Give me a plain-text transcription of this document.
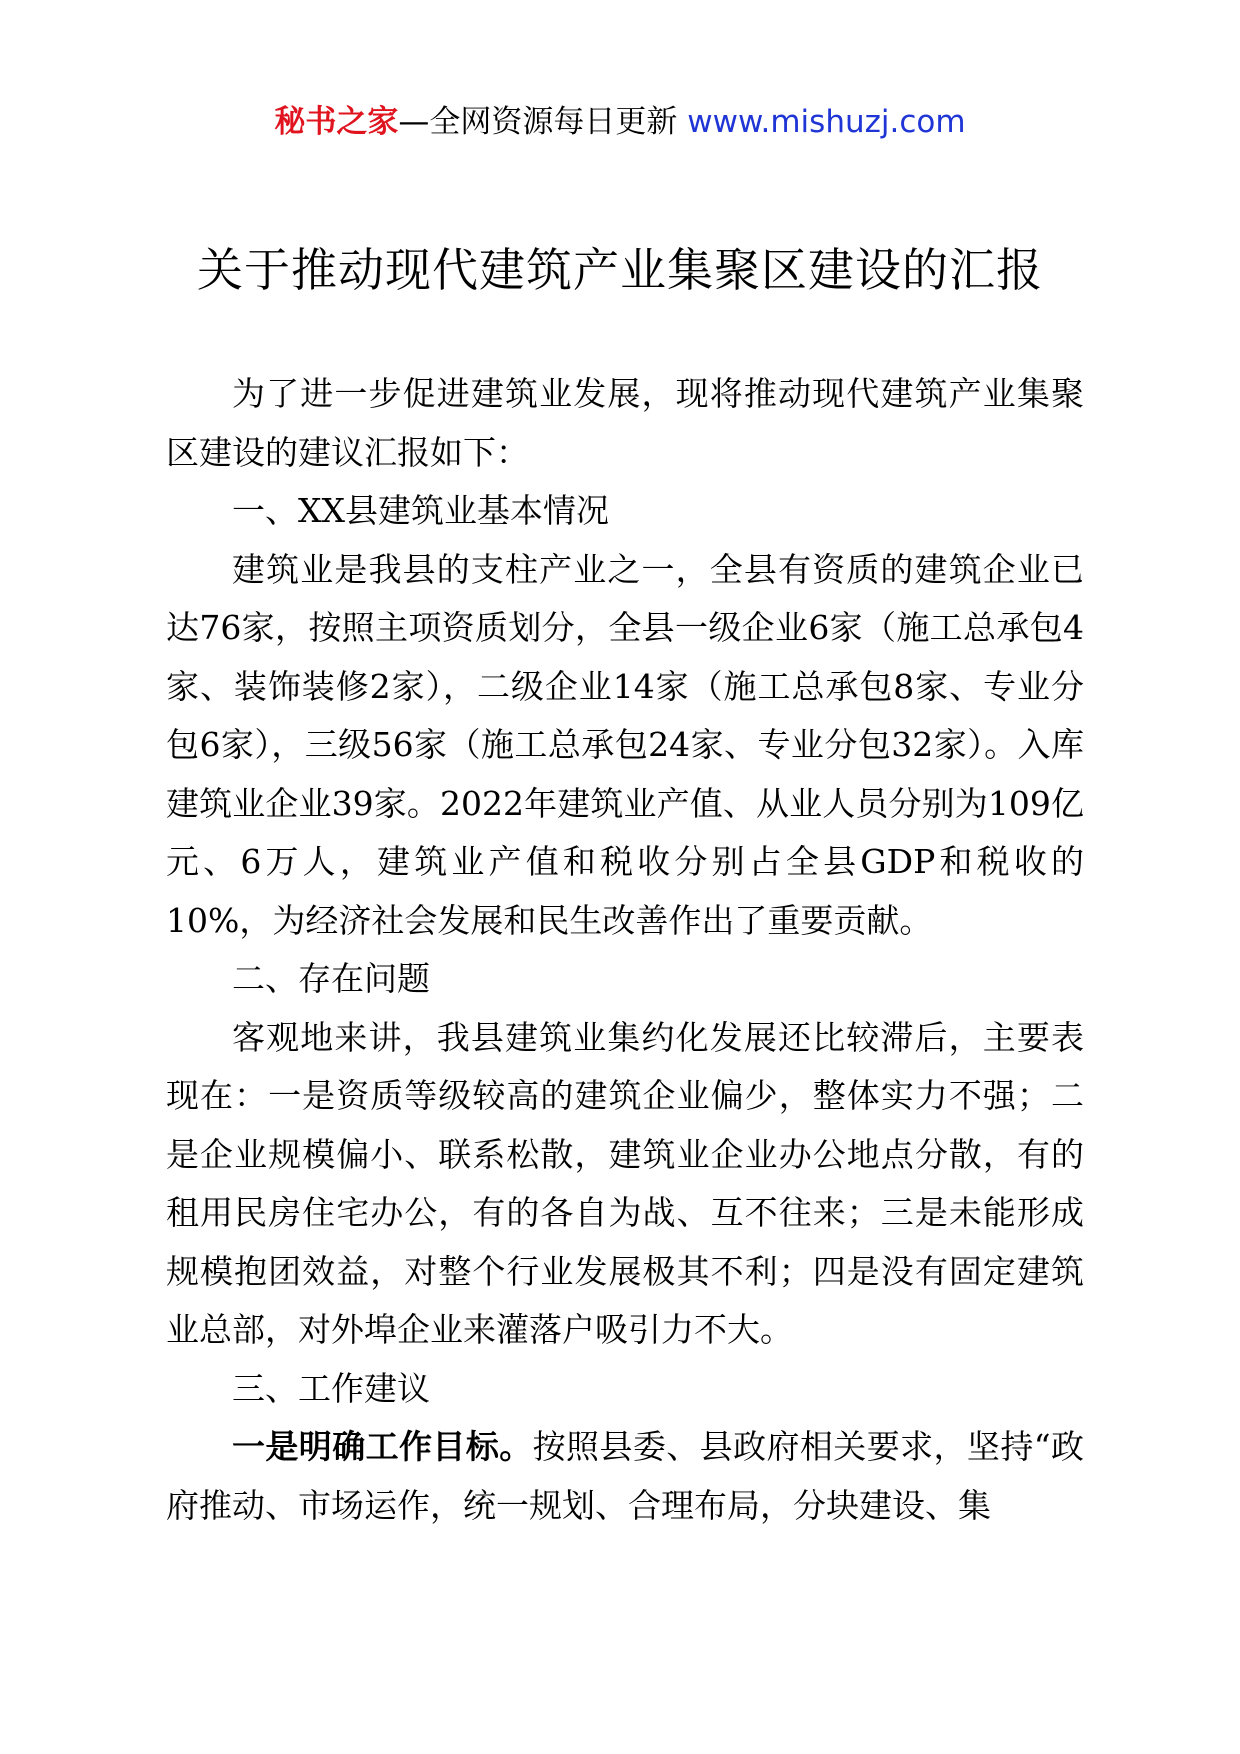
秘书之家—全网资源每日更新 www.mishuzj.com
关于推动现代建筑产业集聚区建设的汇报

为了进一步促进建筑业发展，现将推动现代建筑产业集聚区建设的建议汇报如下：

一、XX县建筑业基本情况

建筑业是我县的支柱产业之一，全县有资质的建筑企业已达76家，按照主项资质划分，全县一级企业6家（施工总承包4家、装饰装修2家），二级企业14家（施工总承包8家、专业分包6家），三级56家（施工总承包24家、专业分包32家）。入库建筑业企业39家。2022年建筑业产值、从业人员分别为109亿元、6万人，建筑业产值和税收分别占全县GDP和税收的10%，为经济社会发展和民生改善作出了重要贡献。

二、存在问题

客观地来讲，我县建筑业集约化发展还比较滞后，主要表现在：一是资质等级较高的建筑企业偏少，整体实力不强；二是企业规模偏小、联系松散，建筑业企业办公地点分散，有的租用民房住宅办公，有的各自为战、互不往来；三是未能形成规模抱团效益，对整个行业发展极其不利；四是没有固定建筑业总部，对外埠企业来灌落户吸引力不大。

三、工作建议

一是明确工作目标。按照县委、县政府相关要求，坚持“政府推动、市场运作，统一规划、合理布局，分块建设、集
